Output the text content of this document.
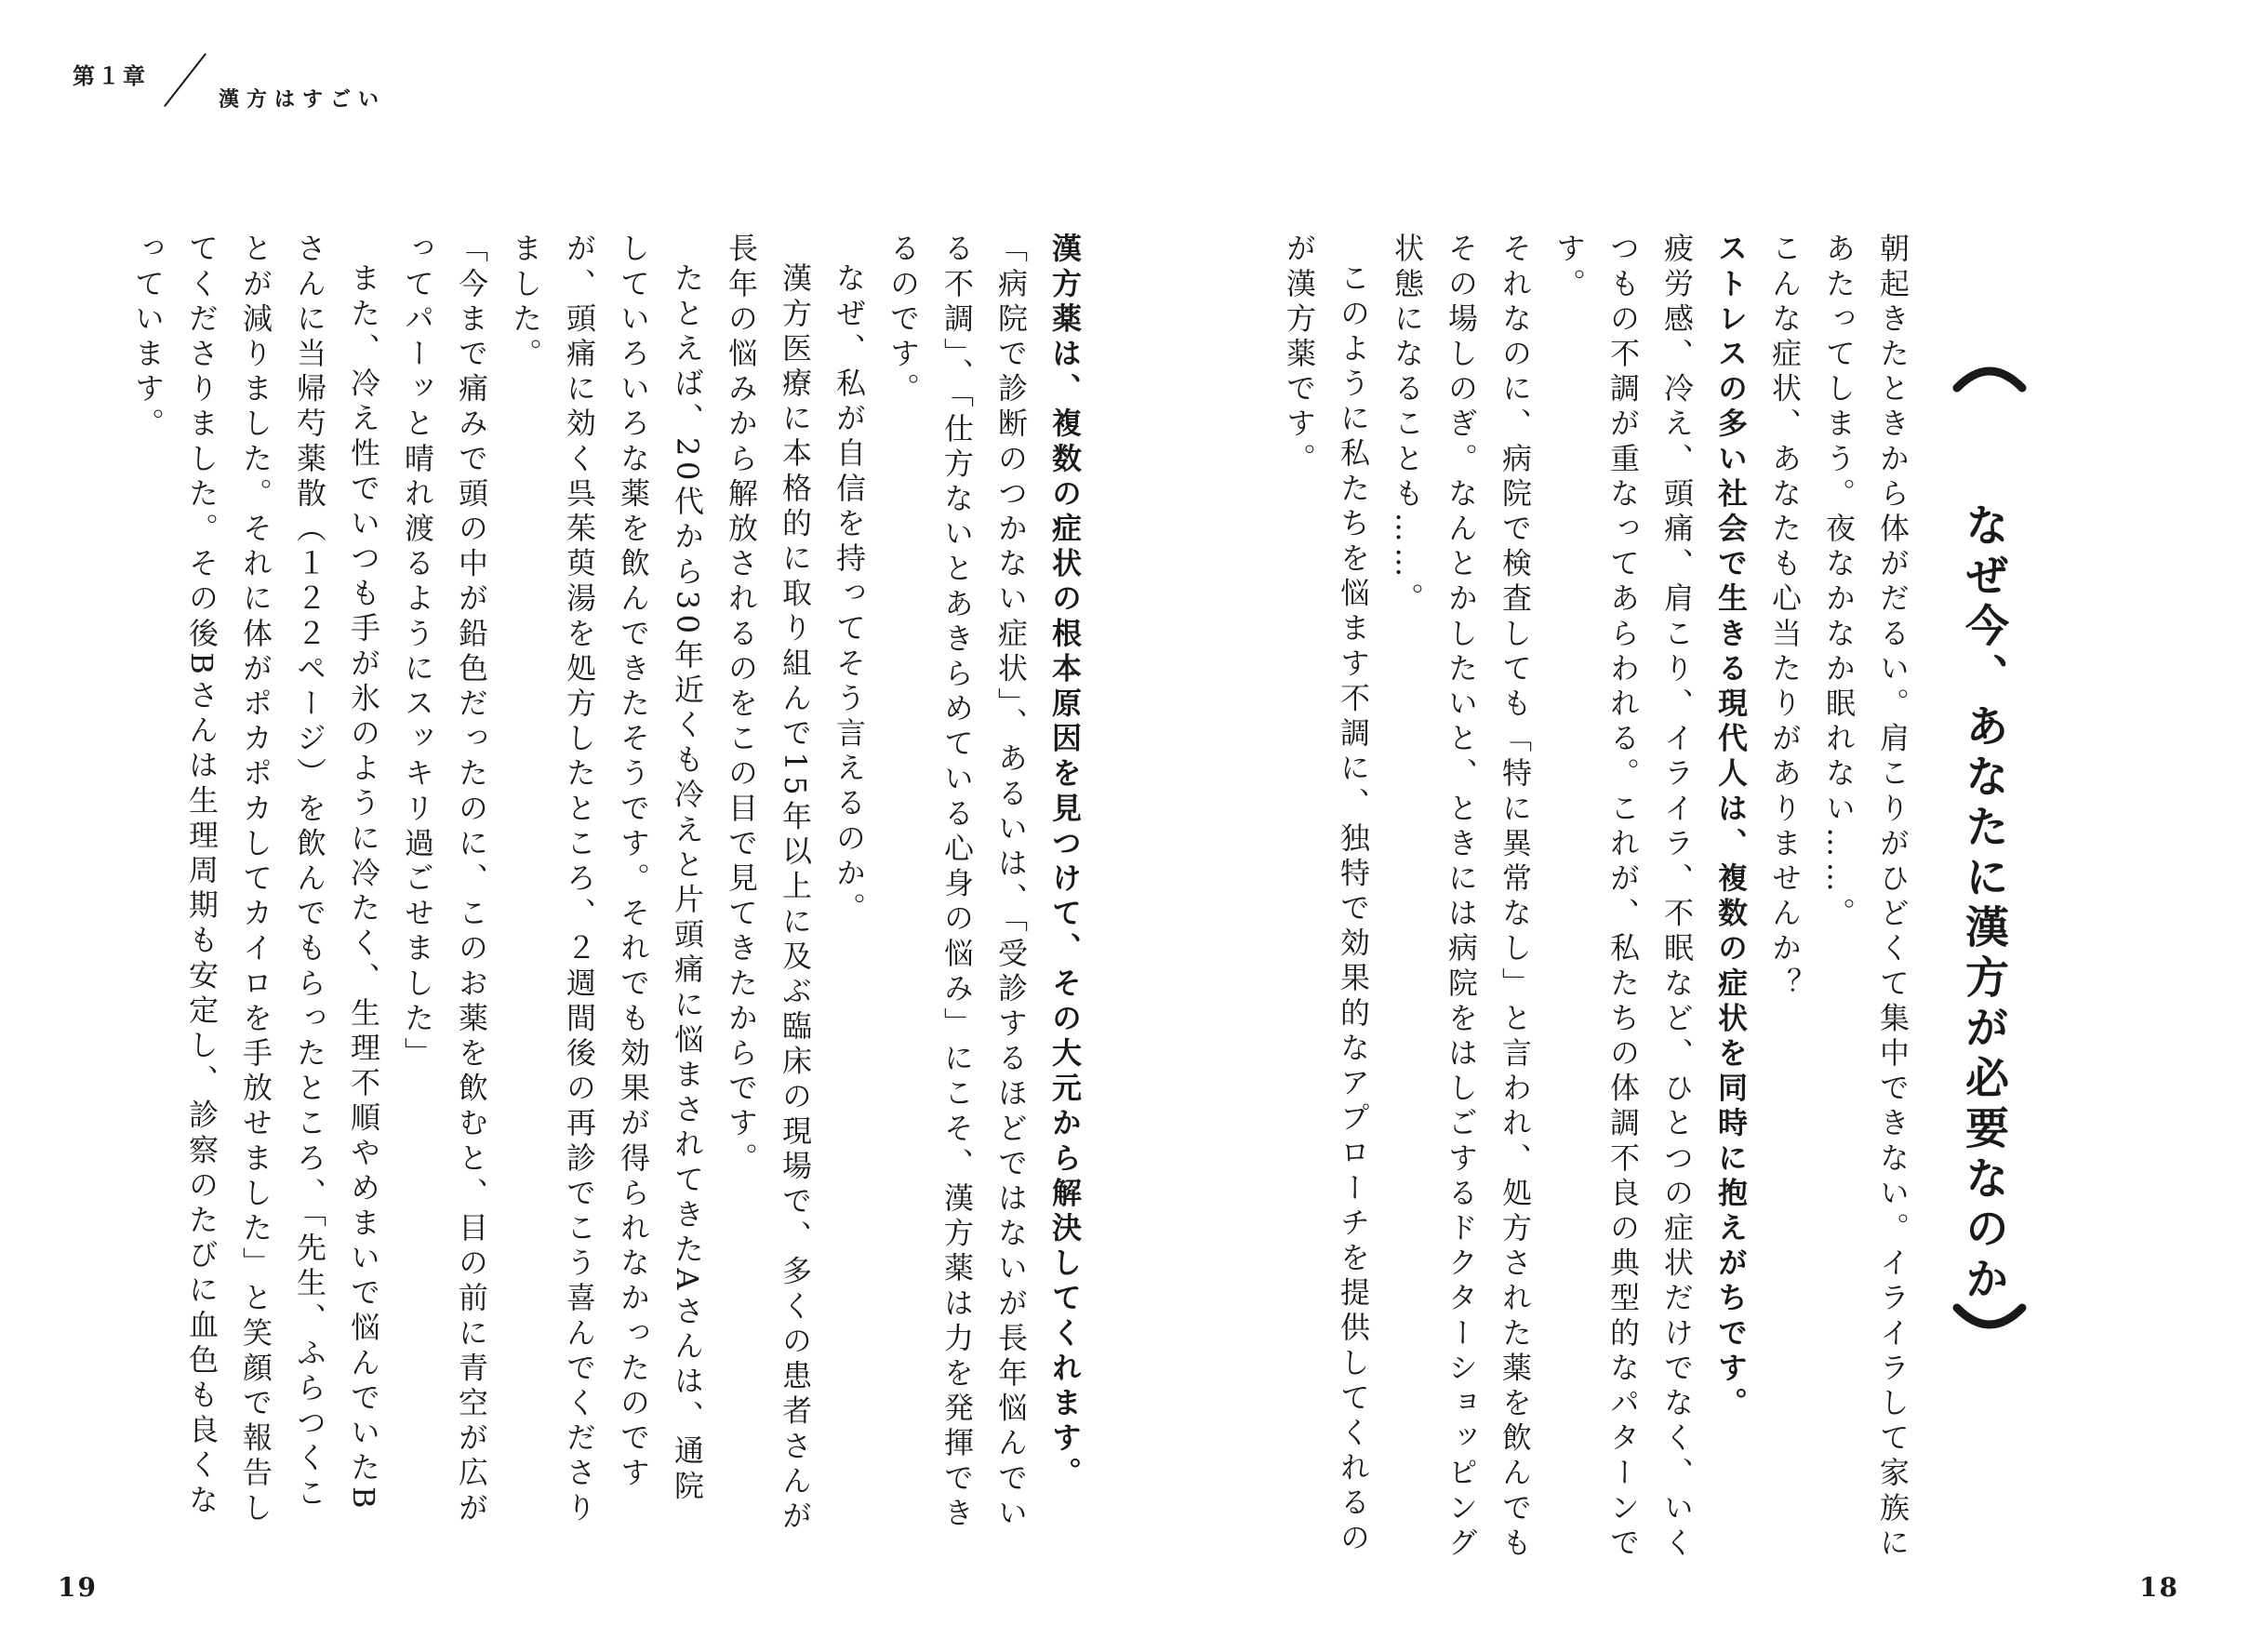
第１章
漢方はすごい
なぜ今、あなたに漢方が必要なのか

朝起きたときから体がだるい。肩こりがひどくて集中できない。イライラして家族にあたってしまう。夜なかなか眠れない……。

こんな症状、あなたも心当たりがありませんか？

ストレスの多い社会で生きる現代人は、複数の症状を同時に抱えがちです。

疲労感、冷え、頭痛、肩こり、イライラ、不眠など、ひとつの症状だけでなく、いくつもの不調が重なってあらわれる。これが、私たちの体調不良の典型的なパターンです。

それなのに、病院で検査しても「特に異常なし」と言われ、処方された薬を飲んでもその場しのぎ。なんとかしたいと、ときには病院をはしごするドクターショッピング状態になることも……。

このように私たちを悩ます不調に、独特で効果的なアプローチを提供してくれるのが漢方薬です。

漢方薬は、複数の症状の根本原因を見つけて、その大元から解決してくれます。

「病院で診断のつかない症状」、あるいは、「受診するほどではないが長年悩んでいる不調」、「仕方ないとあきらめている心身の悩み」にこそ、漢方薬は力を発揮できるのです。

なぜ、私が自信を持ってそう言えるのか。

漢方医療に本格的に取り組んで15年以上に及ぶ臨床の現場で、多くの患者さんが長年の悩みから解放されるのをこの目で見てきたからです。

たとえば、20代から30年近くも冷えと片頭痛に悩まされてきたAさんは、通院していろいろな薬を飲んできたそうです。それでも効果が得られなかったのですが、頭痛に効く呉茱萸湯を処方したところ、２週間後の再診でこう喜んでくださりました。

「今まで痛みで頭の中が鉛色だったのに、このお薬を飲むと、目の前に青空が広がってパーッと晴れ渡るようにスッキリ過ごせました」

また、冷え性でいつも手が氷のように冷たく、生理不順やめまいで悩んでいたBさんに当帰芍薬散（１２２ページ）を飲んでもらったところ、「先生、ふらつくことが減りました。それに体がポカポカしてカイロを手放せました」と笑顔で報告してくださりました。その後Bさんは生理周期も安定し、診察のたびに血色も良くなっています。

19	18
